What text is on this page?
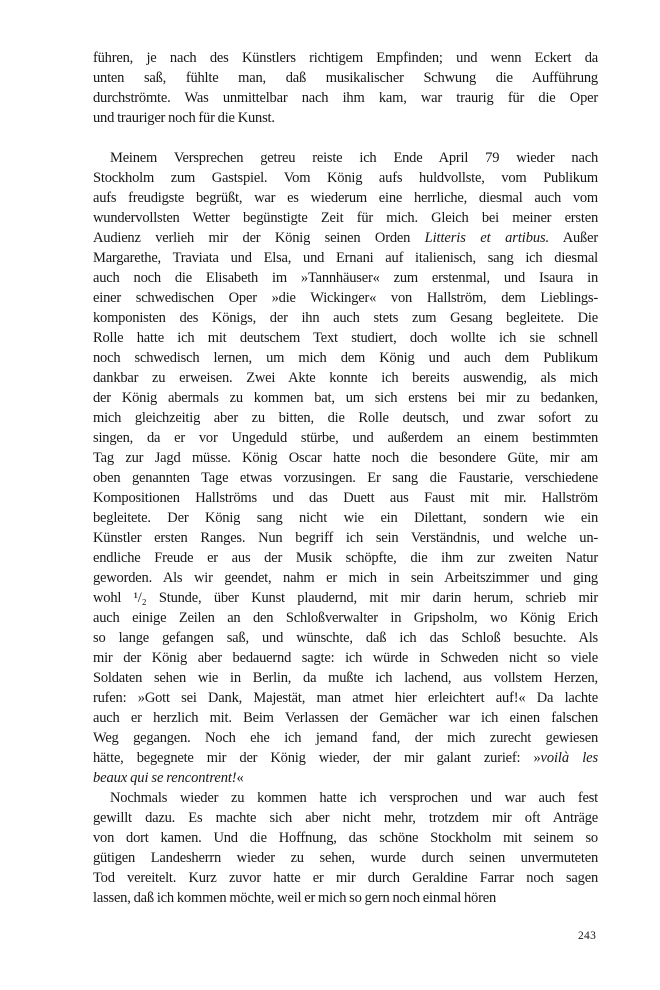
führen, je nach des Künstlers richtigem Empfinden; und wenn Eckert da
unten saß, fühlte man, daß musikalischer Schwung die Aufführung
durchströmte. Was unmittelbar nach ihm kam, war traurig für die Oper
und trauriger noch für die Kunst.
Meinem Versprechen getreu reiste ich Ende April 79 wieder nach
Stockholm zum Gastspiel. Vom König aufs huldvollste, vom Publikum
aufs freudigste begrüßt, war es wiederum eine herrliche, diesmal auch vom
wundervollsten Wetter begünstigte Zeit für mich. Gleich bei meiner ersten
Audienz verlieh mir der König seinen Orden Litteris et artibus. Außer
Margarethe, Traviata und Elsa, und Ernani auf italienisch, sang ich diesmal
auch noch die Elisabeth im »Tannhäuser« zum erstenmal, und Isaura in
einer schwedischen Oper »die Wickinger« von Hallström, dem Lieblings-
komponisten des Königs, der ihn auch stets zum Gesang begleitete. Die
Rolle hatte ich mit deutschem Text studiert, doch wollte ich sie schnell
noch schwedisch lernen, um mich dem König und auch dem Publikum
dankbar zu erweisen. Zwei Akte konnte ich bereits auswendig, als mich
der König abermals zu kommen bat, um sich erstens bei mir zu bedanken,
mich gleichzeitig aber zu bitten, die Rolle deutsch, und zwar sofort zu
singen, da er vor Ungeduld stürbe, und außerdem an einem bestimmten
Tag zur Jagd müsse. König Oscar hatte noch die besondere Güte, mir am
oben genannten Tage etwas vorzusingen. Er sang die Faustarie, verschiedene
Kompositionen Hallströms und das Duett aus Faust mit mir. Hallström
begleitete. Der König sang nicht wie ein Dilettant, sondern wie ein
Künstler ersten Ranges. Nun begriff ich sein Verständnis, und welche un-
endliche Freude er aus der Musik schöpfte, die ihm zur zweiten Natur
geworden. Als wir geendet, nahm er mich in sein Arbeitszimmer und ging
wohl ¹/₂ Stunde, über Kunst plaudernd, mit mir darin herum, schrieb mir
auch einige Zeilen an den Schloßverwalter in Gripsholm, wo König Erich
so lange gefangen saß, und wünschte, daß ich das Schloß besuchte. Als
mir der König aber bedauernd sagte: ich würde in Schweden nicht so viele
Soldaten sehen wie in Berlin, da mußte ich lachend, aus vollstem Herzen,
rufen: »Gott sei Dank, Majestät, man atmet hier erleichtert auf!« Da lachte
auch er herzlich mit. Beim Verlassen der Gemächer war ich einen falschen
Weg gegangen. Noch ehe ich jemand fand, der mich zurecht gewiesen
hätte, begegnete mir der König wieder, der mir galant zurief: »voilà les
beaux qui se rencontrent!«
Nochmals wieder zu kommen hatte ich versprochen und war auch fest
gewillt dazu. Es machte sich aber nicht mehr, trotzdem mir oft Anträge
von dort kamen. Und die Hoffnung, das schöne Stockholm mit seinem so
gütigen Landesherrn wieder zu sehen, wurde durch seinen unvermuteten
Tod vereitelt. Kurz zuvor hatte er mir durch Geraldine Farrar noch sagen
lassen, daß ich kommen möchte, weil er mich so gern noch einmal hören
243
